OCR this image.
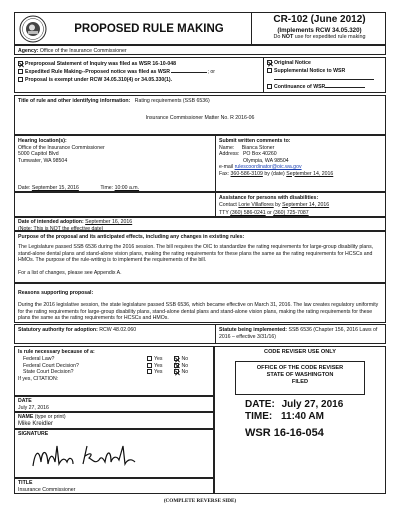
PROPOSED RULE MAKING
CR-102 (June 2012)
(Implements RCW 34.05.320)
Do NOT use for expedited rule making
Agency: Office of the Insurance Commissioner
Preproposal Statement of Inquiry was filed as WSR 16-10-048
Expedited Rule Making--Proposed notice was filed as WSR	; or
Proposal is exempt under RCW 34.05.310(4) or 34.05.330(1).
Original Notice
Supplemental Notice to WSR
Continuance of WSR
Title of rule and other identifying information: Rating requirements (SSB 6536)
Insurance Commissioner Matter No. R 2016-06
Hearing location(s):
Office of the Insurance Commissioner
5000 Capitol Blvd
Tumwater, WA 98504
Date: September 15, 2016	Time: 10:00 a.m.
Submit written comments to:
Name: Bianca Stoner
Address: PO Box 40260
Olympia, WA 98504
e-mail rulescoordinator@oic.wa.gov
Fax: 360-586-3109 by (date) September 14, 2016
Assistance for persons with disabilities:
Contact Lorie Villaflores by September 14, 2016
TTY (360) 586-0241 or (360) 725-7087
Date of intended adoption: September 16, 2016
(Note: This is NOT the effective date)
Purpose of the proposal and its anticipated effects, including any changes in existing rules:
The Legislature passed SSB 6536 during the 2016 session. The bill requires the OIC to standardize the rating requirements for large-group disability plans, stand-alone dental plans and stand-alone vision plans, making the rating requirements for these plans the same as the rating requirements for HCSCs and HMOs. The purpose of the rule-writing is to implement the requirements of the bill.
For a list of changes, please see Appendix A.
Reasons supporting proposal:
During the 2016 legislative session, the state legislature passed SSB 6536, which became effective on March 31, 2016. The law creates regulatory uniformity for the rating requirements for large-group disability plans, stand-alone dental plans and stand-alone vision plans, making the rating requirements for these plans the same as the rating requirements for HCSCs and HMOs.
Statutory authority for adoption: RCW 48.02.060	Statute being implemented: SSB 6536 (Chapter 156, 2016 Laws of 2016 – effective 3/31/16)
Is rule necessary because of a:
Federal Law?
Federal Court Decision?
State Court Decision?
Yes	No
Yes	No
Yes	No
If yes, CITATION:
DATE
July 27, 2016
NAME (type or print)
Mike Kreidler
SIGNATURE
TITLE
Insurance Commissioner
CODE REVISER USE ONLY
OFFICE OF THE CODE REVISER
STATE OF WASHINGTON
FILED
DATE: July 27, 2016
TIME: 11:40 AM
WSR 16-16-054
(COMPLETE REVERSE SIDE)
